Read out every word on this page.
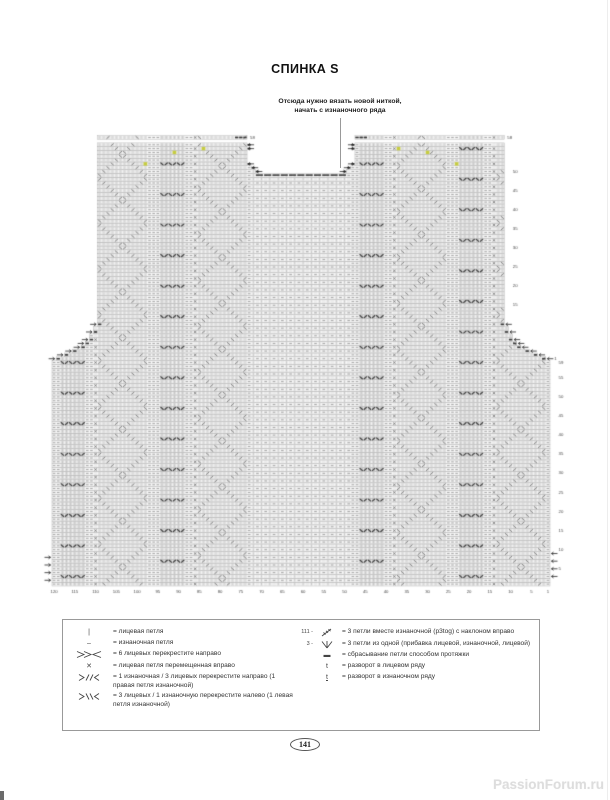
СПИНКА S
Отсюда нужно вязать новой ниткой,
начать с изнаночного ряда
|	= лицевая петля
–	= изнаночная петля
= 6 лицевых перекрестите направо
✕	= лицевая петля перемещенная вправо
= 1 изнаночная / 3 лицевых перекрестите направо (1 правая петля изнаночной)
= 3 лицевых / 1 изнаночную перекрестите налево (1 левая петля изнаночной)
111 -	= 3 петли вместе изнаночной (p3tog) с наклоном вправо
3 -	= 3 петли из одной (прибавка лицевой, изнаночной, лицевой)
▬	= сбрасывание петли способом протяжки
t	= разворот в лицевом ряду
t	= разворот в изнаночном ряду
141
PassionForum.ru
